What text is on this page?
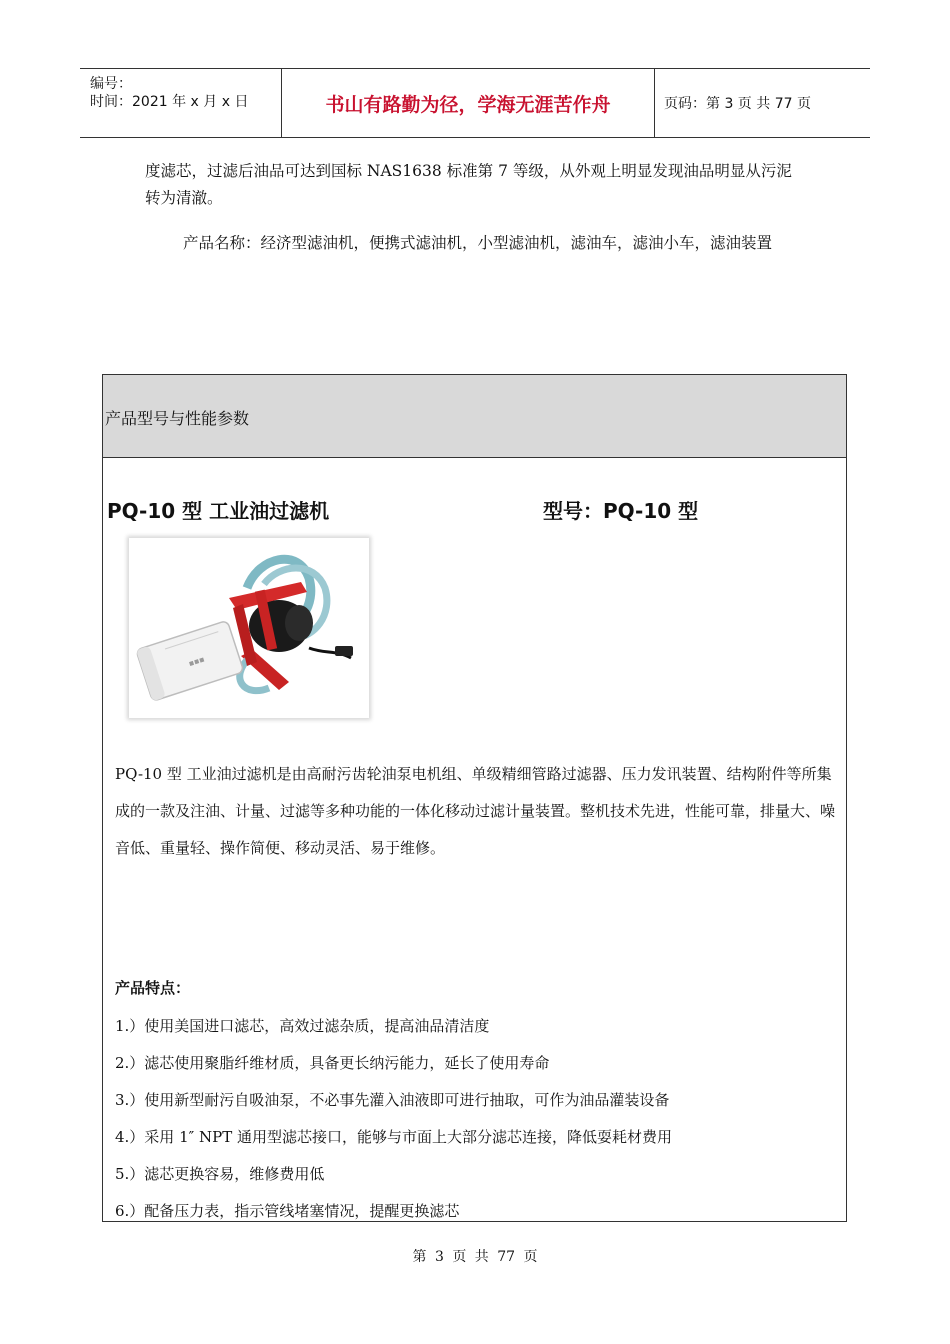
编号：
时间：2021 年 x 月 x 日	书山有路勤为径，学海无涯苦作舟	页码：第 3 页 共 77 页
度滤芯，过滤后油品可达到国标 NAS1638 标准第 7 等级，从外观上明显发现油品明显从污泥转为清澈。
产品名称：经济型滤油机，便携式滤油机，小型滤油机，滤油车，滤油小车，滤油装置
产品型号与性能参数
PQ-10 型 工业油过滤机	型号：PQ-10 型
▪▪▪
PQ-10 型 工业油过滤机是由高耐污齿轮油泵电机组、单级精细管路过滤器、压力发讯装置、结构附件等所集成的一款及注油、计量、过滤等多种功能的一体化移动过滤计量装置。整机技术先进，性能可靠，排量大、噪音低、重量轻、操作简便、移动灵活、易于维修。
产品特点：
1.）使用美国进口滤芯，高效过滤杂质，提高油品清洁度
2.）滤芯使用聚脂纤维材质，具备更长纳污能力，延长了使用寿命
3.）使用新型耐污自吸油泵，不必事先灌入油液即可进行抽取，可作为油品灌装设备
4.）采用 1″ NPT 通用型滤芯接口，能够与市面上大部分滤芯连接，降低耍耗材费用
5.）滤芯更换容易，维修费用低
6.）配备压力表，指示管线堵塞情况，提醒更换滤芯
第 3 页 共 77 页
